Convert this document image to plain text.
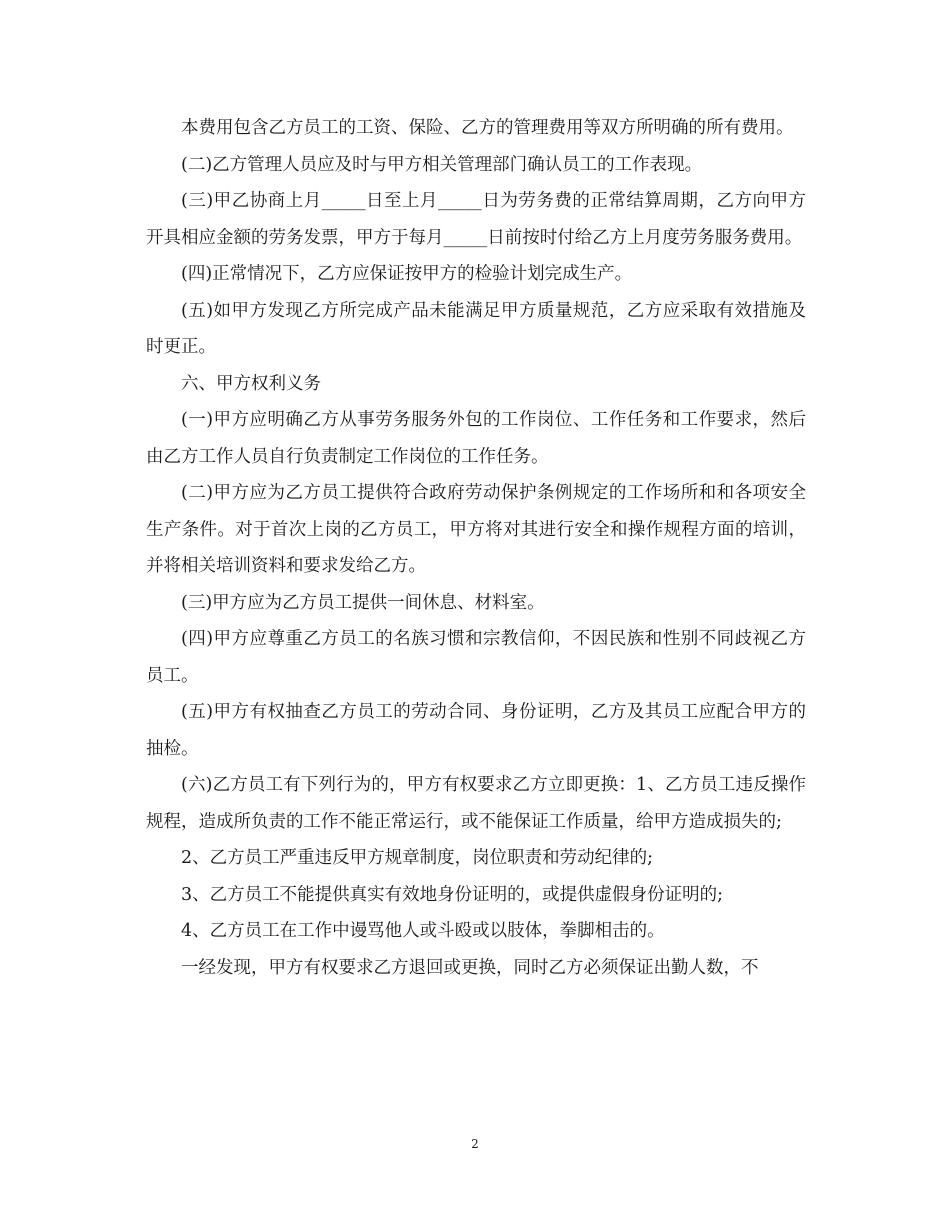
本费用包含乙方员工的工资、保险、乙方的管理费用等双方所明确的所有费用。

(二)乙方管理人员应及时与甲方相关管理部门确认员工的工作表现。

(三)甲乙协商上月_____日至上月_____日为劳务费的正常结算周期，乙方向甲方开具相应金额的劳务发票，甲方于每月_____日前按时付给乙方上月度劳务服务费用。

(四)正常情况下，乙方应保证按甲方的检验计划完成生产。

(五)如甲方发现乙方所完成产品未能满足甲方质量规范，乙方应采取有效措施及时更正。

六、甲方权利义务

(一)甲方应明确乙方从事劳务服务外包的工作岗位、工作任务和工作要求，然后由乙方工作人员自行负责制定工作岗位的工作任务。

(二)甲方应为乙方员工提供符合政府劳动保护条例规定的工作场所和和各项安全生产条件。对于首次上岗的乙方员工，甲方将对其进行安全和操作规程方面的培训，并将相关培训资料和要求发给乙方。

(三)甲方应为乙方员工提供一间休息、材料室。

(四)甲方应尊重乙方员工的名族习惯和宗教信仰，不因民族和性别不同歧视乙方员工。

(五)甲方有权抽查乙方员工的劳动合同、身份证明，乙方及其员工应配合甲方的抽检。

(六)乙方员工有下列行为的，甲方有权要求乙方立即更换：1、乙方员工违反操作规程，造成所负责的工作不能正常运行，或不能保证工作质量，给甲方造成损失的;

2、乙方员工严重违反甲方规章制度，岗位职责和劳动纪律的;

3、乙方员工不能提供真实有效地身份证明的，或提供虚假身份证明的;

4、乙方员工在工作中谩骂他人或斗殴或以肢体，拳脚相击的。

一经发现，甲方有权要求乙方退回或更换，同时乙方必须保证出勤人数，不

2
